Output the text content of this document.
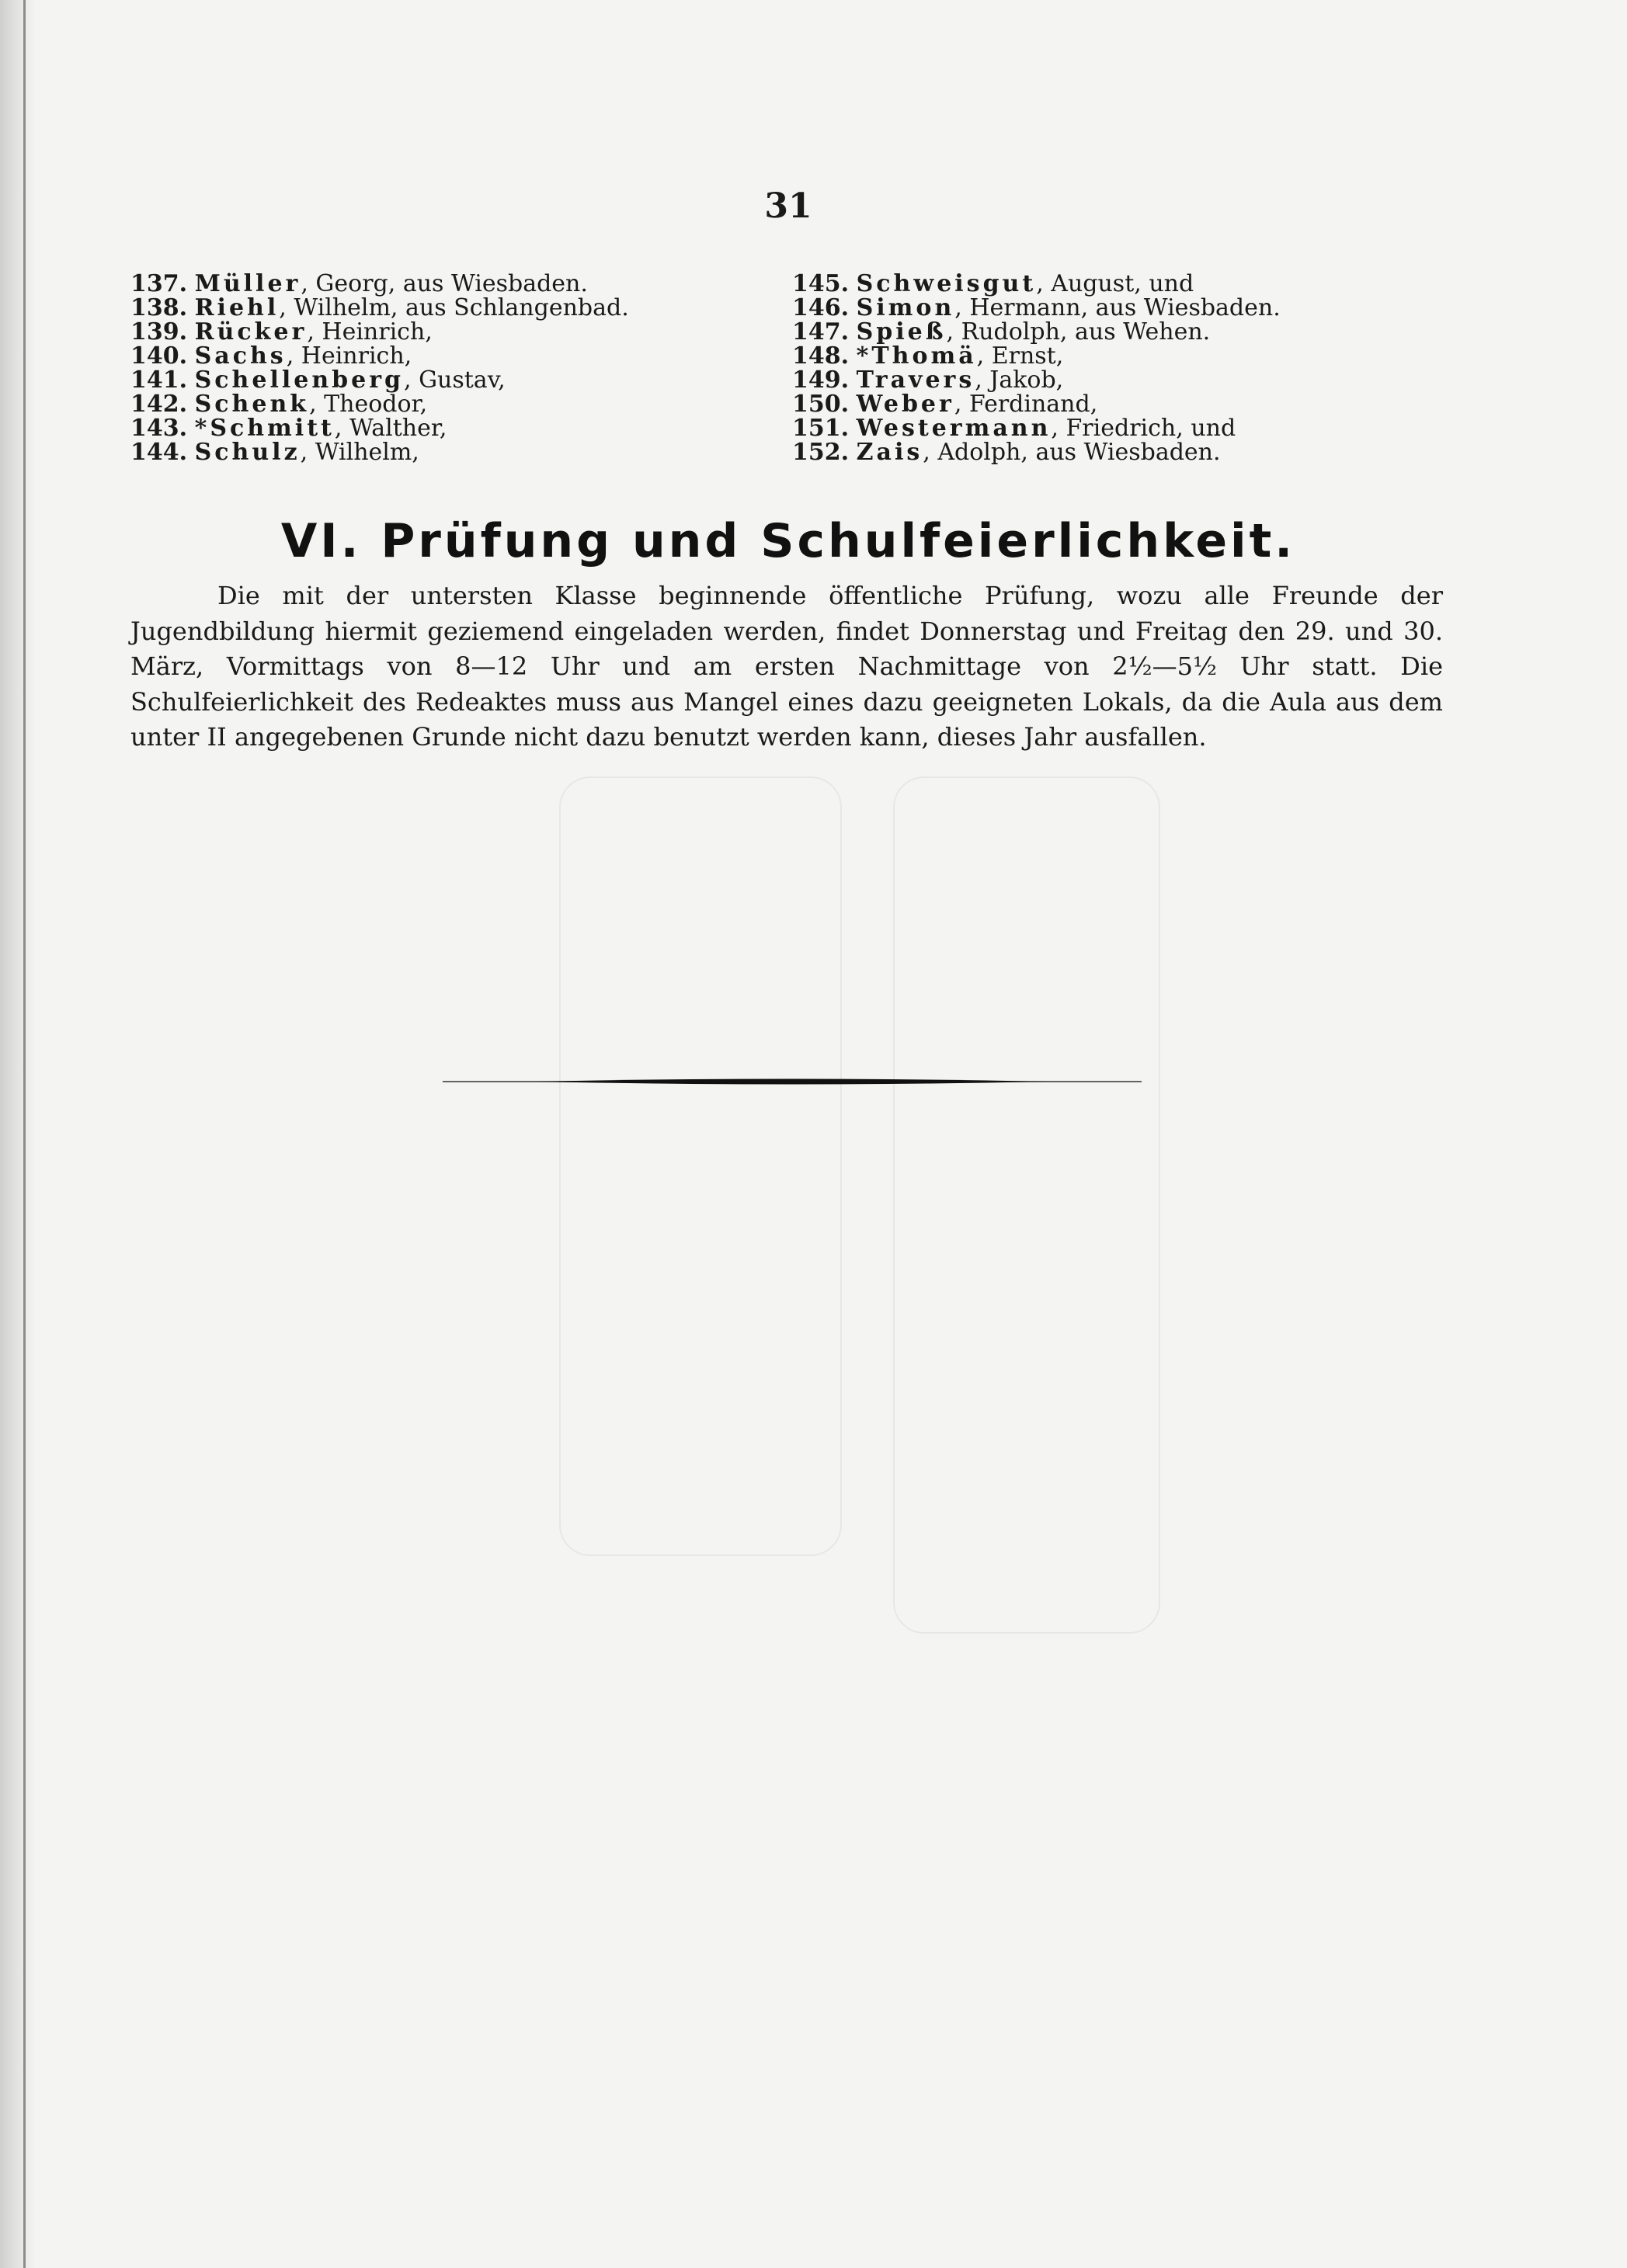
31
137. Müller, Georg, aus Wiesbaden.
138. Riehl, Wilhelm, aus Schlangenbad.
139. Rücker, Heinrich,
140. Sachs, Heinrich,
141. Schellenberg, Gustav,
142. Schenk, Theodor,
143. *Schmitt, Walther,
144. Schulz, Wilhelm,
145. Schweisgut, August, und
146. Simon, Hermann, aus Wiesbaden.
147. Spieß, Rudolph, aus Wehen.
148. *Thomä, Ernst,
149. Travers, Jakob,
150. Weber, Ferdinand,
151. Westermann, Friedrich, und
152. Zais, Adolph, aus Wiesbaden.
VI. Prüfung und Schulfeierlichkeit.

Die mit der untersten Klasse beginnende öffentliche Prüfung, wozu alle Freunde der Jugendbildung hiermit geziemend eingeladen werden, findet Donnerstag und Freitag den 29. und 30. März, Vormittags von 8—12 Uhr und am ersten Nachmittage von 2½—5½ Uhr statt. Die Schulfeierlichkeit des Redeaktes muss aus Mangel eines dazu geeigneten Lokals, da die Aula aus dem unter II angegebenen Grunde nicht dazu benutzt werden kann, dieses Jahr ausfallen.
